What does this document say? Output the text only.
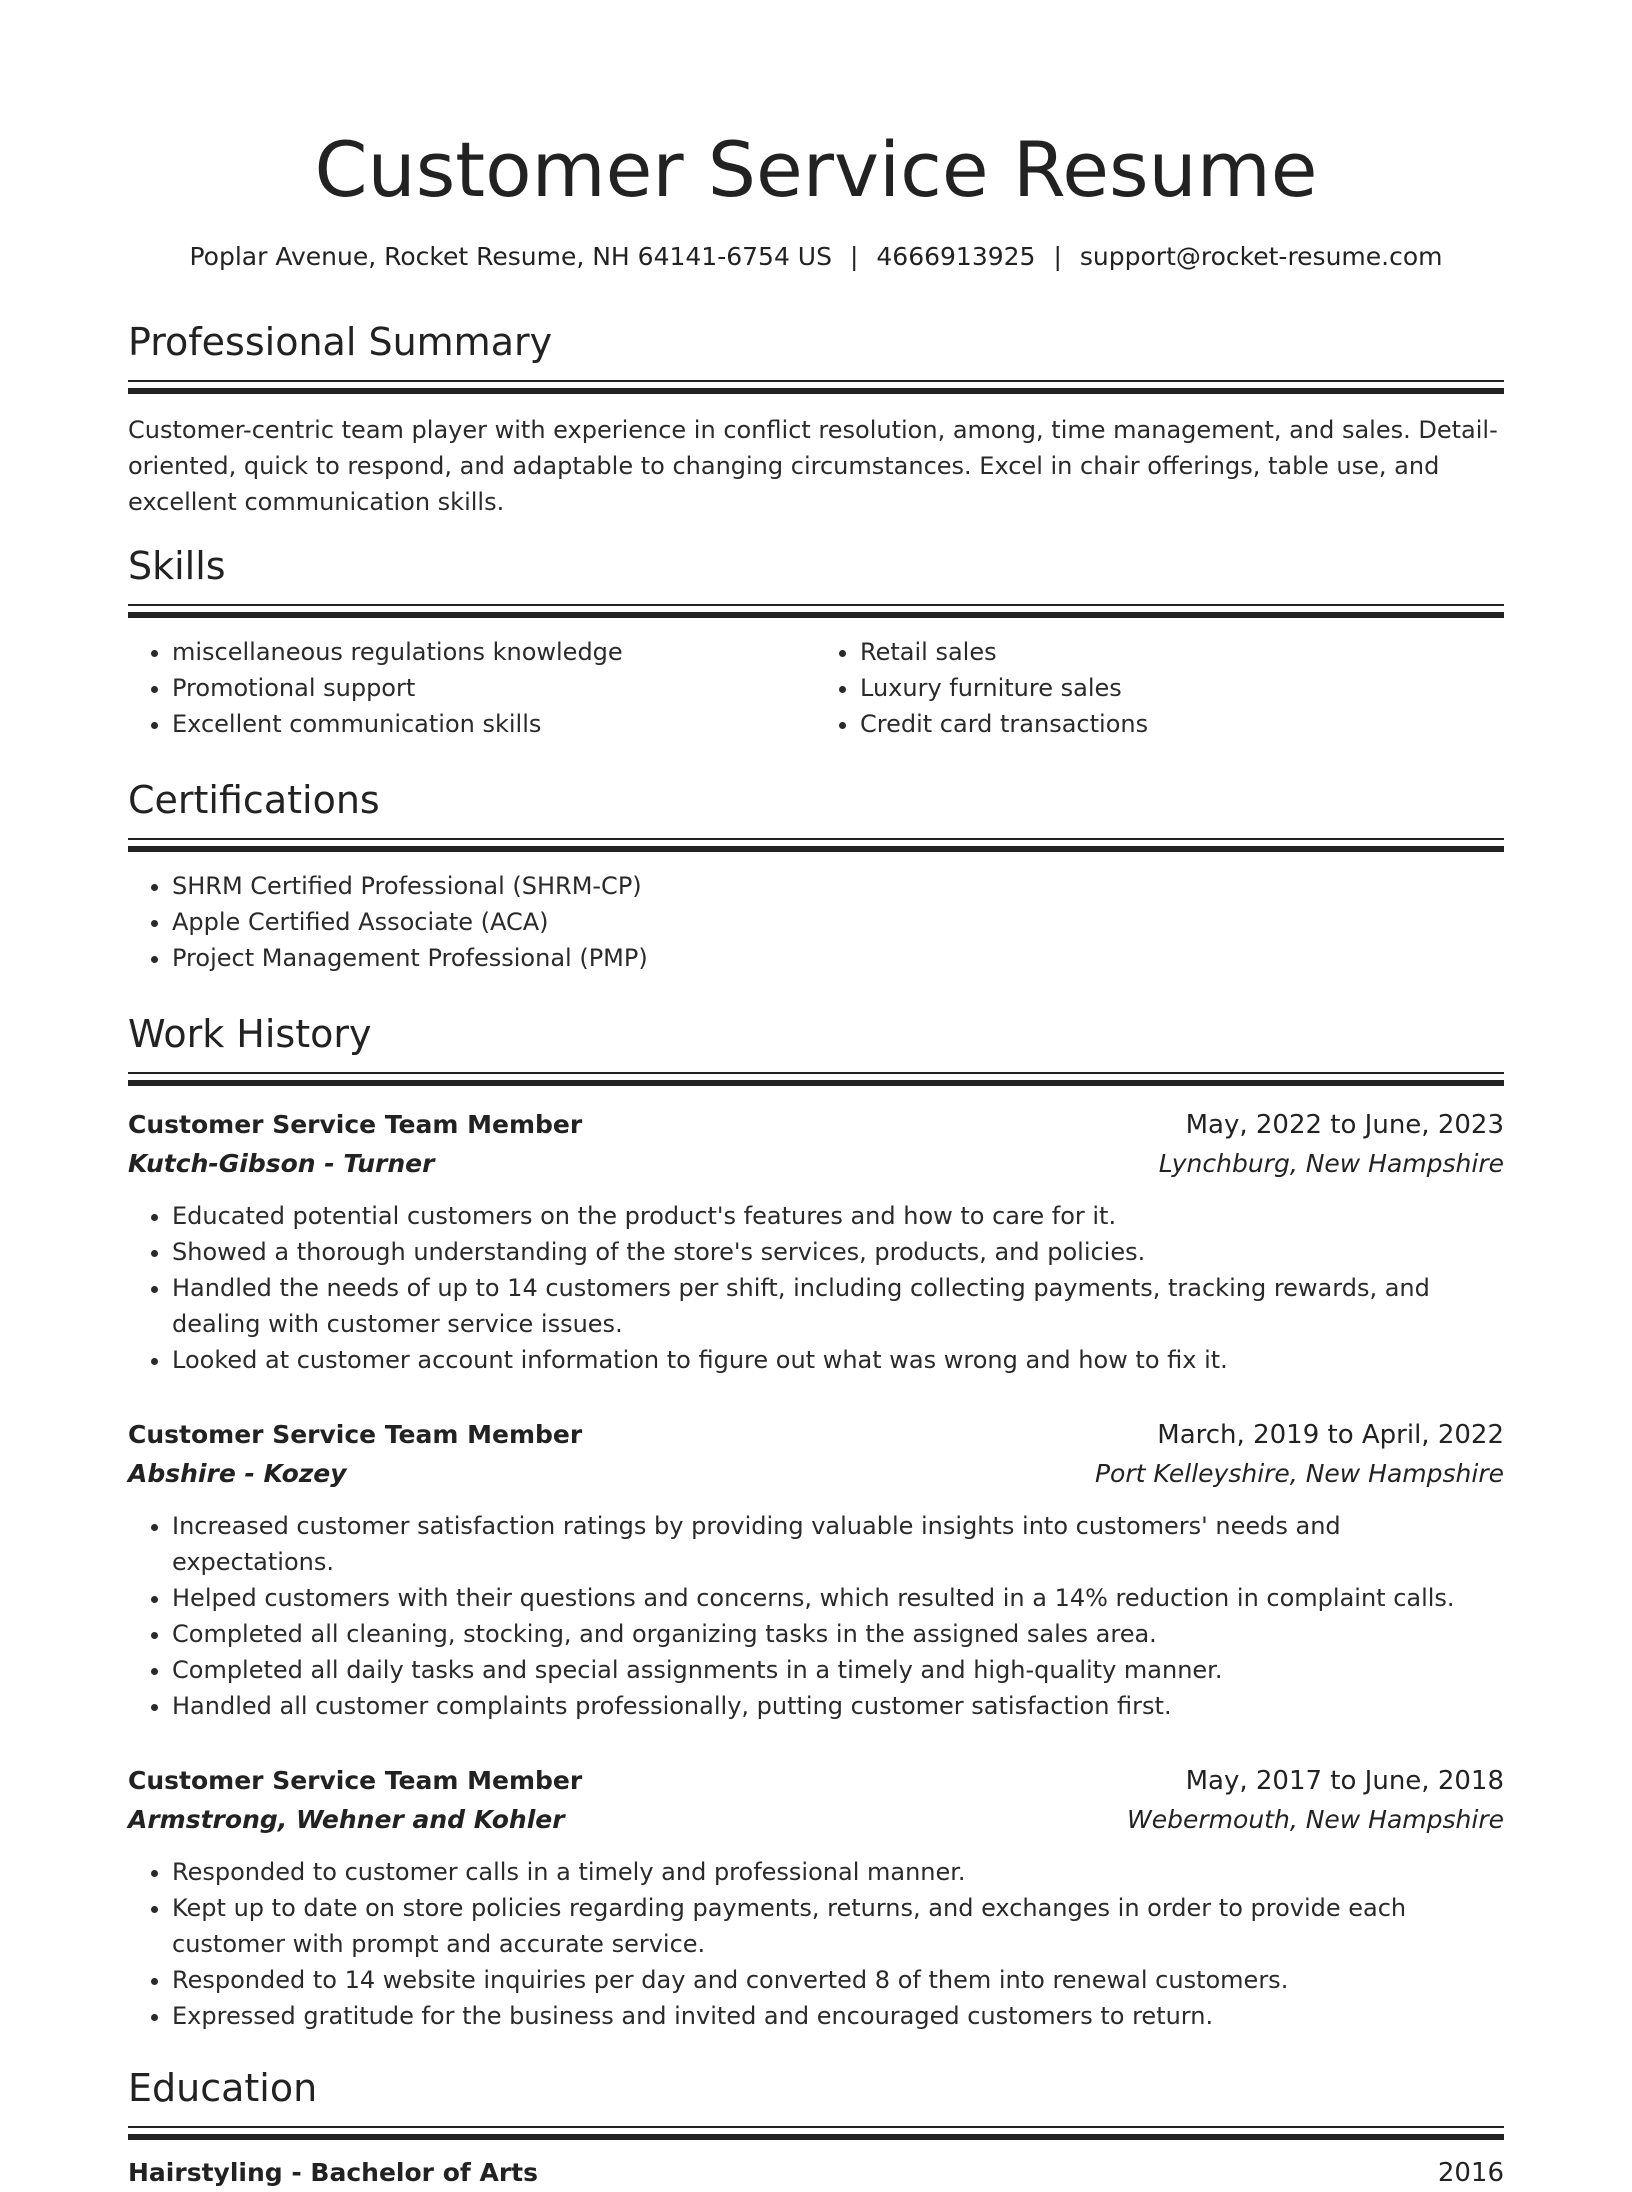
Customer Service Resume
Poplar Avenue, Rocket Resume, NH 64141-6754 US | 4666913925 | support@rocket-resume.com
Professional Summary

Customer-centric team player with experience in conflict resolution, among, time management, and sales. Detail-oriented, quick to respond, and adaptable to changing circumstances. Excel in chair offerings, table use, and excellent communication skills.

Skills
• miscellaneous regulations knowledge
• Promotional support
• Excellent communication skills
• Retail sales
• Luxury furniture sales
• Credit card transactions
Certifications
• SHRM Certified Professional (SHRM-CP)
• Apple Certified Associate (ACA)
• Project Management Professional (PMP)
Work History
Customer Service Team Member	May, 2022 to June, 2023
Kutch-Gibson - Turner	Lynchburg, New Hampshire
• Educated potential customers on the product's features and how to care for it.
• Showed a thorough understanding of the store's services, products, and policies.
• Handled the needs of up to 14 customers per shift, including collecting payments, tracking rewards, and dealing with customer service issues.
• Looked at customer account information to figure out what was wrong and how to fix it.
Customer Service Team Member	March, 2019 to April, 2022
Abshire - Kozey	Port Kelleyshire, New Hampshire
• Increased customer satisfaction ratings by providing valuable insights into customers' needs and expectations.
• Helped customers with their questions and concerns, which resulted in a 14% reduction in complaint calls.
• Completed all cleaning, stocking, and organizing tasks in the assigned sales area.
• Completed all daily tasks and special assignments in a timely and high-quality manner.
• Handled all customer complaints professionally, putting customer satisfaction first.
Customer Service Team Member	May, 2017 to June, 2018
Armstrong, Wehner and Kohler	Webermouth, New Hampshire
• Responded to customer calls in a timely and professional manner.
• Kept up to date on store policies regarding payments, returns, and exchanges in order to provide each customer with prompt and accurate service.
• Responded to 14 website inquiries per day and converted 8 of them into renewal customers.
• Expressed gratitude for the business and invited and encouraged customers to return.
Education
Hairstyling - Bachelor of Arts	2016
